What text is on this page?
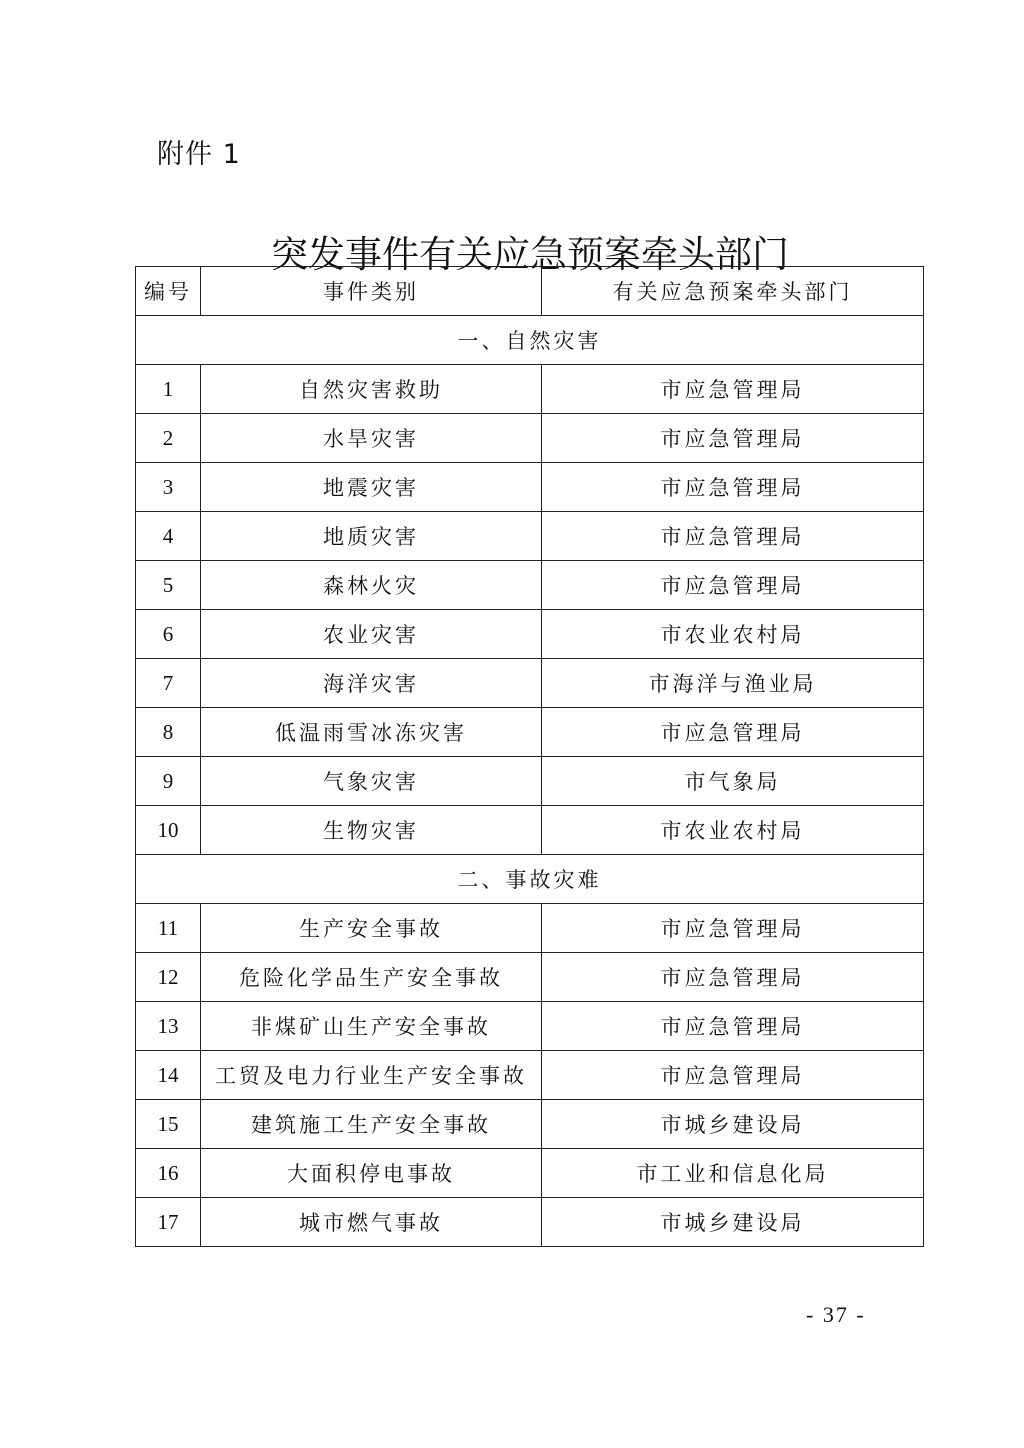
附件 1
突发事件有关应急预案牵头部门
编号	事件类别	有关应急预案牵头部门
一、自然灾害		
1	自然灾害救助	市应急管理局
2	水旱灾害	市应急管理局
3	地震灾害	市应急管理局
4	地质灾害	市应急管理局
5	森林火灾	市应急管理局
6	农业灾害	市农业农村局
7	海洋灾害	市海洋与渔业局
8	低温雨雪冰冻灾害	市应急管理局
9	气象灾害	市气象局
10	生物灾害	市农业农村局
二、事故灾难		
11	生产安全事故	市应急管理局
12	危险化学品生产安全事故	市应急管理局
13	非煤矿山生产安全事故	市应急管理局
14	工贸及电力行业生产安全事故	市应急管理局
15	建筑施工生产安全事故	市城乡建设局
16	大面积停电事故	市工业和信息化局
17	城市燃气事故	市城乡建设局
- 37 -
